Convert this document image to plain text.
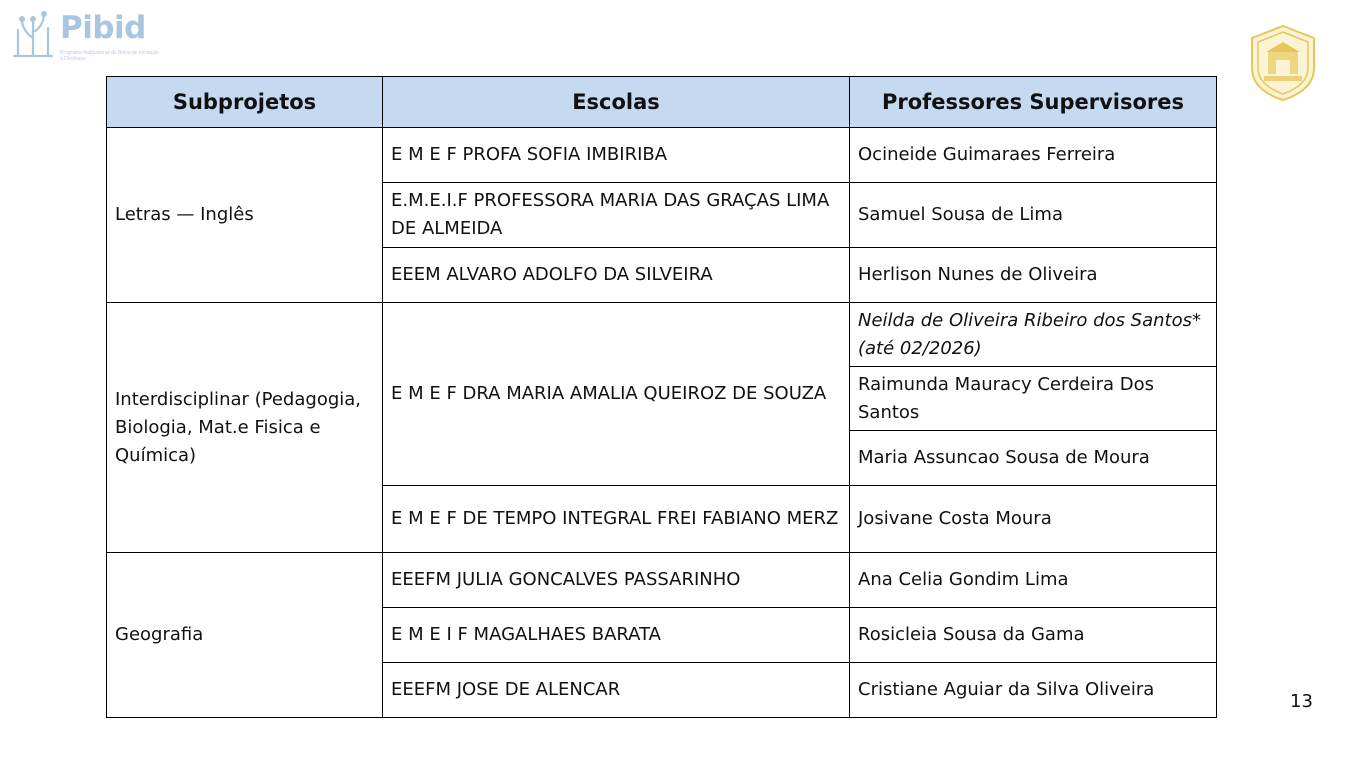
Pibid
Programa Institucional de Bolsa de Iniciação à Docência
Subprojetos	Escolas	Professores Supervisores
Letras — Inglês	E M E F PROFA SOFIA IMBIRIBA	Ocineide Guimaraes Ferreira
	E.M.E.I.F PROFESSORA MARIA DAS GRAÇAS LIMA DE ALMEIDA	Samuel Sousa de Lima
	EEEM ALVARO ADOLFO DA SILVEIRA	Herlison Nunes de Oliveira
Interdisciplinar (Pedagogia, Biologia, Mat.e Fisica e Química)	E M E F DRA MARIA AMALIA QUEIROZ DE SOUZA	Neilda de Oliveira Ribeiro dos Santos* (até 02/2026)
		Raimunda Mauracy Cerdeira Dos Santos
		Maria Assuncao Sousa de Moura
	E M E F DE TEMPO INTEGRAL FREI FABIANO MERZ	Josivane Costa Moura
Geografia	EEEFM JULIA GONCALVES PASSARINHO	Ana Celia Gondim Lima
	E M E I F MAGALHAES BARATA	Rosicleia Sousa da Gama
	EEEFM JOSE DE ALENCAR	Cristiane Aguiar da Silva Oliveira
13
